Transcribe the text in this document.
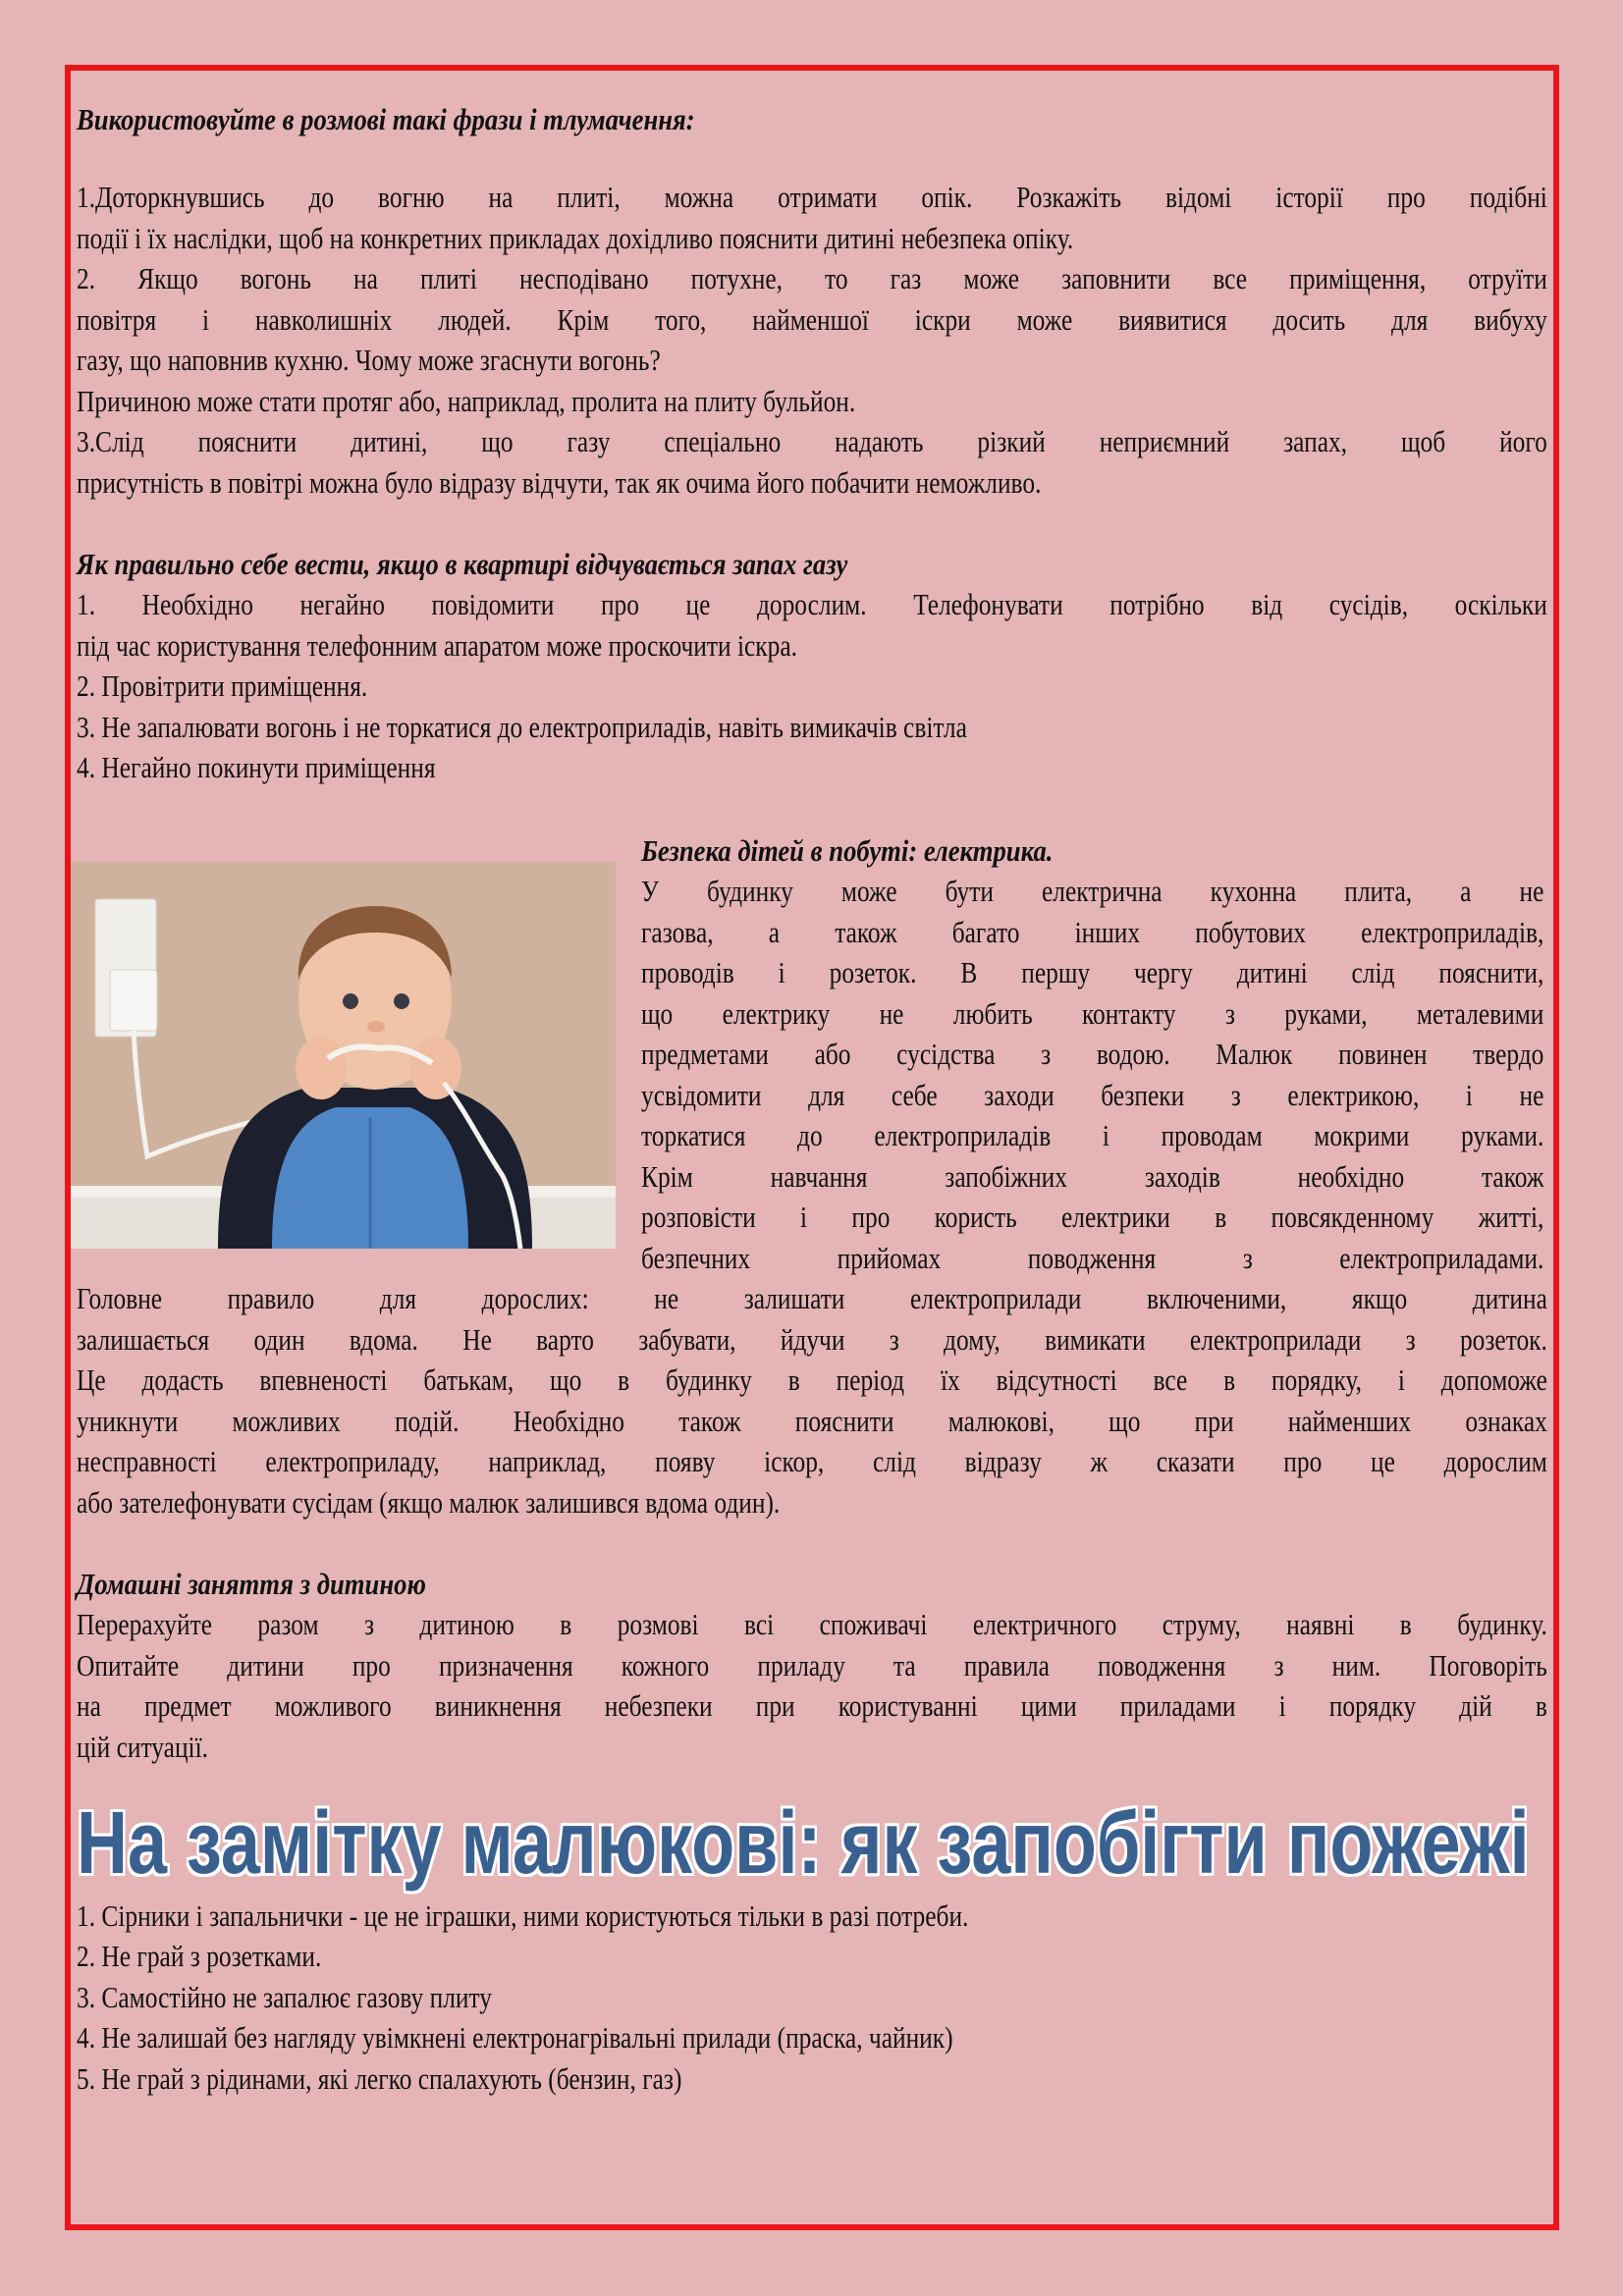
Використовуйте в розмові такі фрази і тлумачення:
1.Доторкнувшись до вогню на плиті, можна отримати опік. Розкажіть відомі історії про подібні
події і їх наслідки, щоб на конкретних прикладах дохідливо пояснити дитині небезпека опіку.
2. Якщо вогонь на плиті несподівано потухне, то газ може заповнити все приміщення, отруїти
повітря і навколишніх людей. Крім того, найменшої іскри може виявитися досить для вибуху
газу, що наповнив кухню. Чому може згаснути вогонь?
Причиною може стати протяг або, наприклад, пролита на плиту бульйон.
3.Слід пояснити дитині, що газу спеціально надають різкий неприємний запах, щоб його
присутність в повітрі можна було відразу відчути, так як очима його побачити неможливо.
Як правильно себе вести, якщо в квартирі відчувається запах газу
1. Необхідно негайно повідомити про це дорослим. Телефонувати потрібно від сусідів, оскільки
під час користування телефонним апаратом може проскочити іскра.
2. Провітрити приміщення.
3. Не запалювати вогонь і не торкатися до електроприладів, навіть вимикачів світла
4. Негайно покинути приміщення
Безпека дітей в побуті: електрика.
У будинку може бути електрична кухонна плита, а не
газова, а також багато інших побутових електроприладів,
проводів і розеток. В першу чергу дитині слід пояснити,
що електрику не любить контакту з руками, металевими
предметами або сусідства з водою. Малюк повинен твердо
усвідомити для себе заходи безпеки з електрикою, і не
торкатися до електроприладів і проводам мокрими руками.
Крім навчання запобіжних заходів необхідно також
розповісти і про користь електрики в повсякденному житті,
безпечних прийомах поводження з електроприладами.
Головне правило для дорослих: не залишати електроприлади включеними, якщо дитина
залишається один вдома. Не варто забувати, йдучи з дому, вимикати електроприлади з розеток.
Це додасть впевненості батькам, що в будинку в період їх відсутності все в порядку, і допоможе
уникнути можливих подій. Необхідно також пояснити малюкові, що при найменших ознаках
несправності електроприладу, наприклад, появу іскор, слід відразу ж сказати про це дорослим
або зателефонувати сусідам (якщо малюк залишився вдома один).
Домашні заняття з дитиною
Перерахуйте разом з дитиною в розмові всі споживачі електричного струму, наявні в будинку.
Опитайте дитини про призначення кожного приладу та правила поводження з ним. Поговоріть
на предмет можливого виникнення небезпеки при користуванні цими приладами і порядку дій в
цій ситуації.
На замітку малюкові: як запобігти пожежі
1. Сірники і запальнички - це не іграшки, ними користуються тільки в разі потреби.
2. Не грай з розетками.
3. Самостійно не запалює газову плиту
4. Не залишай без нагляду увімкнені електронагрівальні прилади (праска, чайник)
5. Не грай з рідинами, які легко спалахують (бензин, газ)
